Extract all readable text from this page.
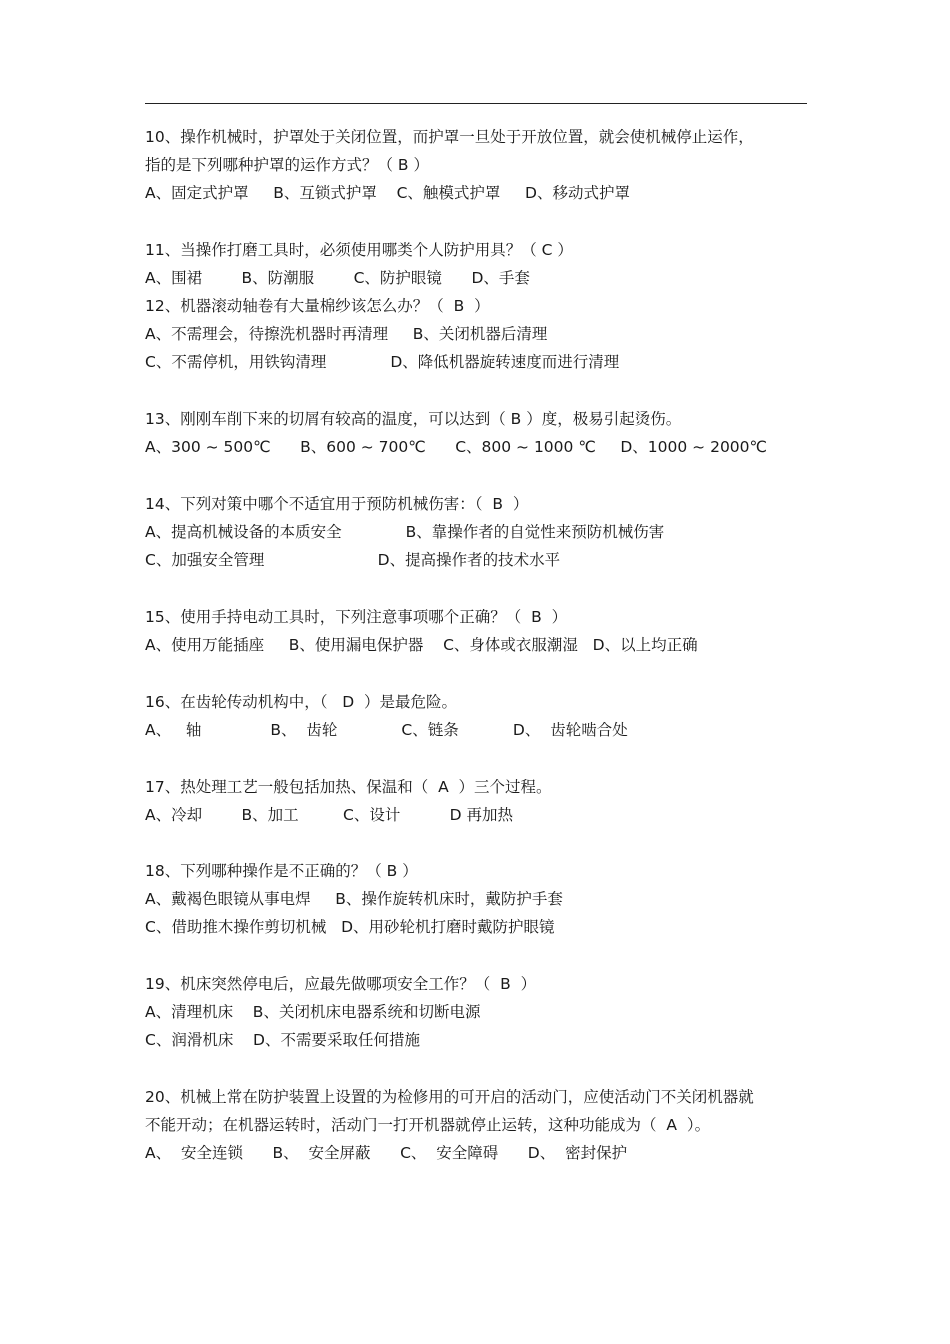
10、操作机械时，护罩处于关闭位置，而护罩一旦处于开放位置，就会使机械停止运作，
指的是下列哪种护罩的运作方式？（ B ）
A、固定式护罩     B、互锁式护罩    C、触模式护罩     D、移动式护罩
11、当操作打磨工具时，必须使用哪类个人防护用具？（ C ）
A、围裙        B、防潮服        C、防护眼镜      D、手套
12、机器滚动轴卷有大量棉纱该怎么办？（  B  ）
A、不需理会，待擦洗机器时再清理     B、关闭机器后清理
C、不需停机，用铁钩清理             D、降低机器旋转速度而进行清理
13、刚刚车削下来的切屑有较高的温度，可以达到（ B ）度，极易引起烫伤。
A、300 ~ 500℃      B、600 ~ 700℃      C、800 ~ 1000 ℃     D、1000 ~ 2000℃
14、下列对策中哪个不适宜用于预防机械伤害：（  B  ）
A、提高机械设备的本质安全             B、靠操作者的自觉性来预防机械伤害
C、加强安全管理                       D、提高操作者的技术水平
15、使用手持电动工具时，下列注意事项哪个正确？（  B  ）
A、使用万能插座     B、使用漏电保护器    C、身体或衣服潮湿   D、以上均正确
16、在齿轮传动机构中，（   D  ）是最危险。
A、   轴              B、  齿轮             C、链条           D、  齿轮啮合处
17、热处理工艺一般包括加热、保温和（  A  ）三个过程。
A、冷却        B、加工         C、设计          D 再加热
18、下列哪种操作是不正确的？（ B ）
A、戴褐色眼镜从事电焊     B、操作旋转机床时，戴防护手套
C、借助推木操作剪切机械   D、用砂轮机打磨时戴防护眼镜
19、机床突然停电后，应最先做哪项安全工作？（  B  ）
A、清理机床    B、关闭机床电器系统和切断电源
C、润滑机床    D、不需要采取任何措施
20、机械上常在防护装置上设置的为检修用的可开启的活动门，应使活动门不关闭机器就
不能开动；在机器运转时，活动门一打开机器就停止运转，这种功能成为（  A  ）。
A、  安全连锁      B、  安全屏蔽      C、  安全障碍      D、  密封保护
